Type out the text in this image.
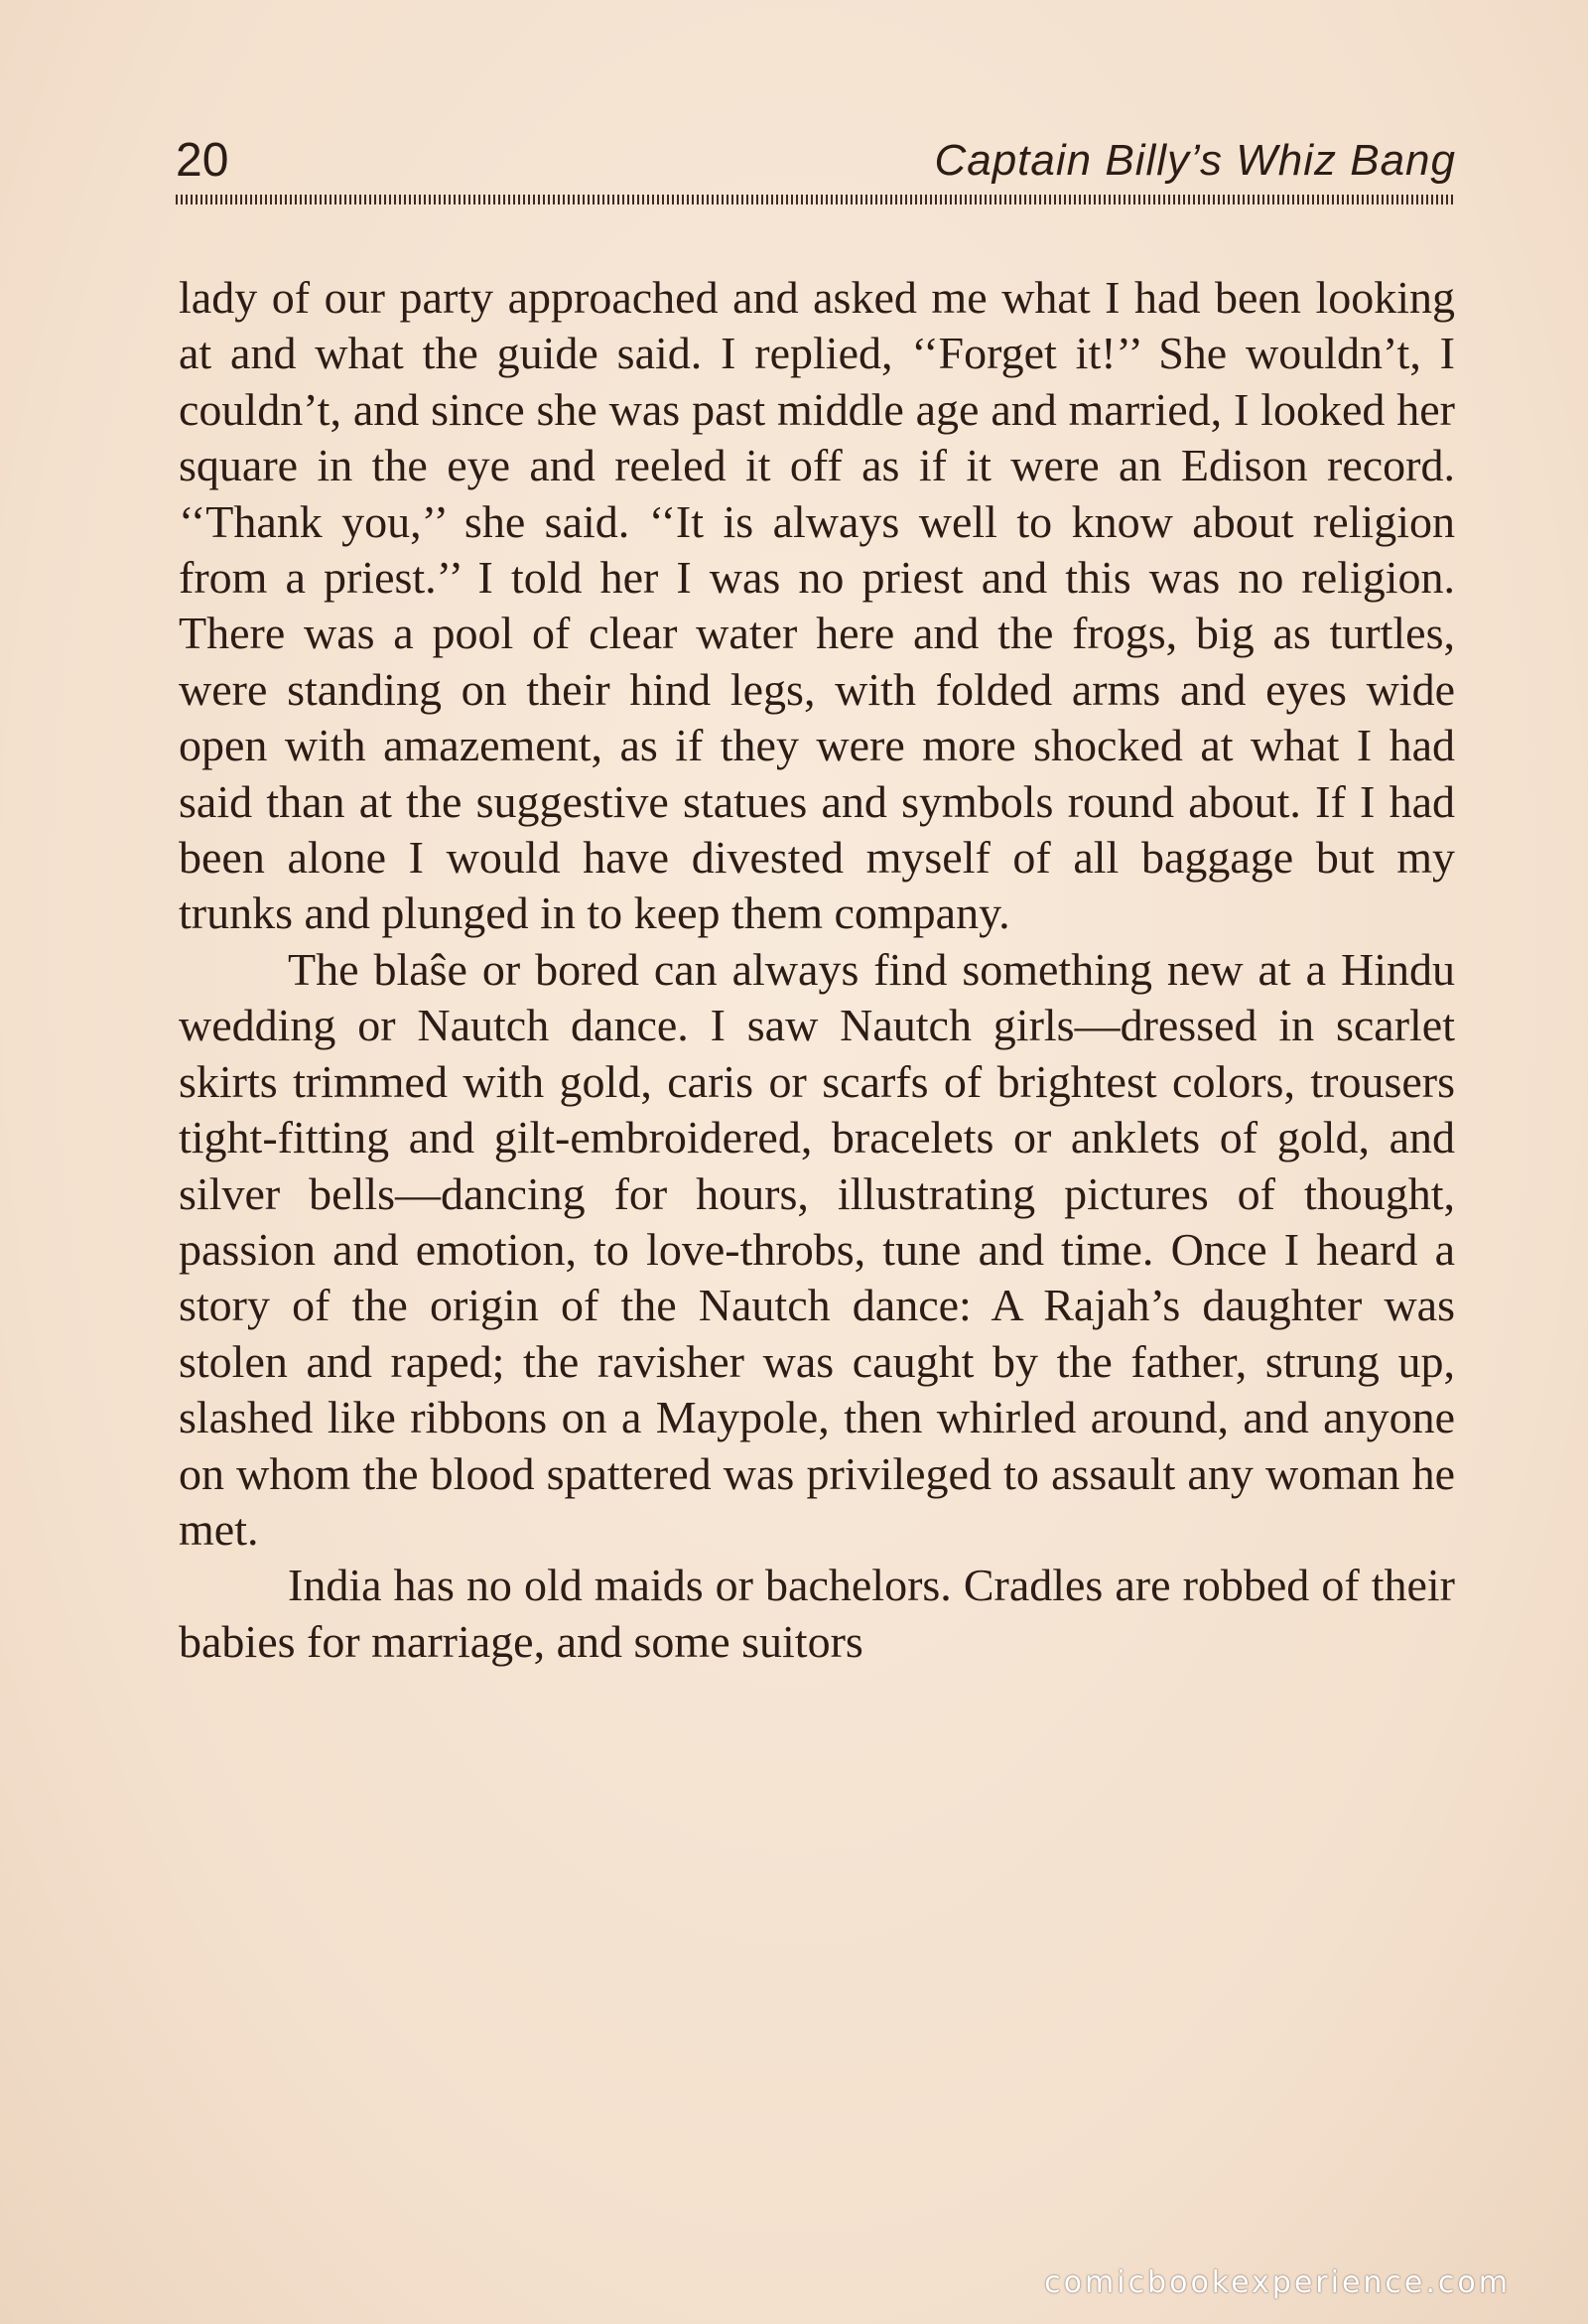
20	Captain Billy’s Whiz Bang

lady of our party approached and asked me what I had been looking at and what the guide said. I replied, ‘‘Forget it!’’ She wouldn’t, I couldn’t, and since she was past middle age and married, I looked her square in the eye and reeled it off as if it were an Edison record. ‘‘Thank you,’’ she said. ‘‘It is always well to know about religion from a priest.’’ I told her I was no priest and this was no religion. There was a pool of clear water here and the frogs, big as turtles, were standing on their hind legs, with folded arms and eyes wide open with amazement, as if they were more shocked at what I had said than at the suggestive statues and symbols round about. If I had been alone I would have divested myself of all baggage but my trunks and plunged in to keep them company.

The blaŝe or bored can always find something new at a Hindu wedding or Nautch dance. I saw Nautch girls—dressed in scarlet skirts trimmed with gold, caris or scarfs of brightest colors, trousers tight-fitting and gilt-embroidered, bracelets or anklets of gold, and silver bells—dancing for hours, illustrating pictures of thought, passion and emotion, to love-throbs, tune and time. Once I heard a story of the origin of the Nautch dance: A Rajah’s daughter was stolen and raped; the ravisher was caught by the father, strung up, slashed like ribbons on a Maypole, then whirled around, and anyone on whom the blood spattered was privileged to assault any woman he met.

India has no old maids or bachelors. Cradles are robbed of their babies for marriage, and some suitors

comicbookexperience.com
